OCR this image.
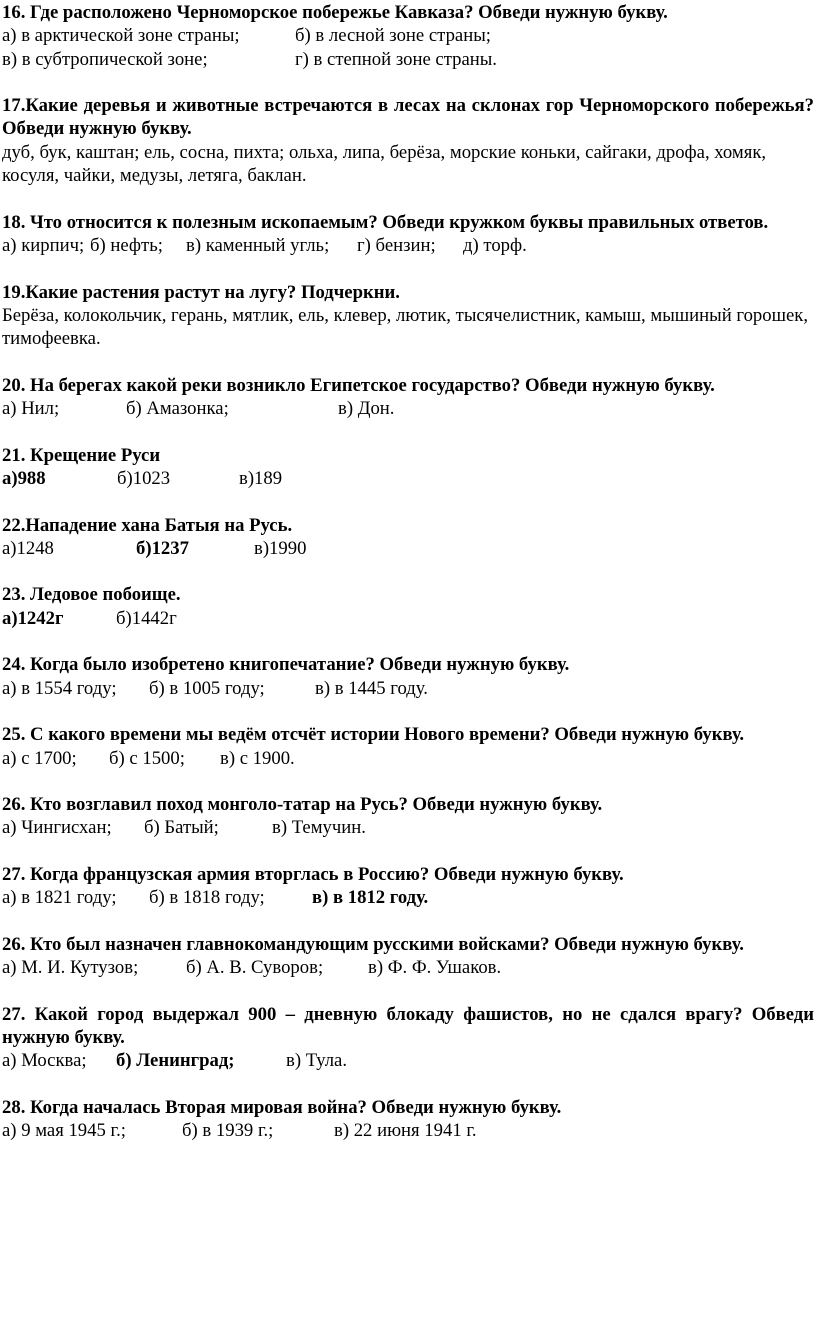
16. Где расположено Черноморское побережье Кавказа? Обведи нужную букву.
а) в арктической зоне страны;	б) в лесной зоне страны;
в) в субтропической зоне;	г) в степной зоне страны.
17.Какие деревья и животные встречаются в лесах на склонах гор Черноморского побережья? Обведи нужную букву.
дуб, бук, каштан; ель, сосна, пихта; ольха, липа, берёза, морские коньки, сайгаки, дрофа, хомяк, косуля, чайки, медузы, летяга, баклан.
18. Что относится к полезным ископаемым? Обведи кружком буквы правильных ответов.
а) кирпич; б) нефть; в) каменный угль; г) бензин; д) торф.
19.Какие растения растут на лугу? Подчеркни.
Берёза, колокольчик, герань, мятлик, ель, клевер, лютик, тысячелистник, камыш, мышиный горошек, тимофеевка.
20. На берегах какой реки возникло Египетское государство? Обведи нужную букву.
а) Нил;	б) Амазонка;	в) Дон.
21. Крещение Руси
а)988	б)1023	в)189
22.Нападение хана Батыя на Русь.
а)1248	б)1237	в)1990
23. Ледовое побоище.
а)1242г	б)1442г
24. Когда было изобретено книгопечатание? Обведи нужную букву.
а) в 1554 году; б) в 1005 году;	в) в 1445 году.
25. С какого времени мы ведём отсчёт истории Нового времени? Обведи нужную букву.
а) с 1700; б) с 1500; в) с 1900.
26. Кто возглавил поход монголо-татар на Русь? Обведи нужную букву.
а) Чингисхан; б) Батый;	в) Темучин.
27. Когда французская армия вторглась в Россию? Обведи нужную букву.
а) в 1821 году; б) в 1818 году;	в) в 1812 году.
26. Кто был назначен главнокомандующим русскими войсками? Обведи нужную букву.
а) М. И. Кутузов;	б) А. В. Суворов; в) Ф. Ф. Ушаков.
27. Какой город выдержал 900 – дневную блокаду фашистов, но не сдался врагу? Обведи нужную букву.
а) Москва; б) Ленинград;	в) Тула.
28. Когда началась Вторая мировая война? Обведи нужную букву.
а) 9 мая 1945 г.;	б) в 1939 г.;	в) 22 июня 1941 г.
